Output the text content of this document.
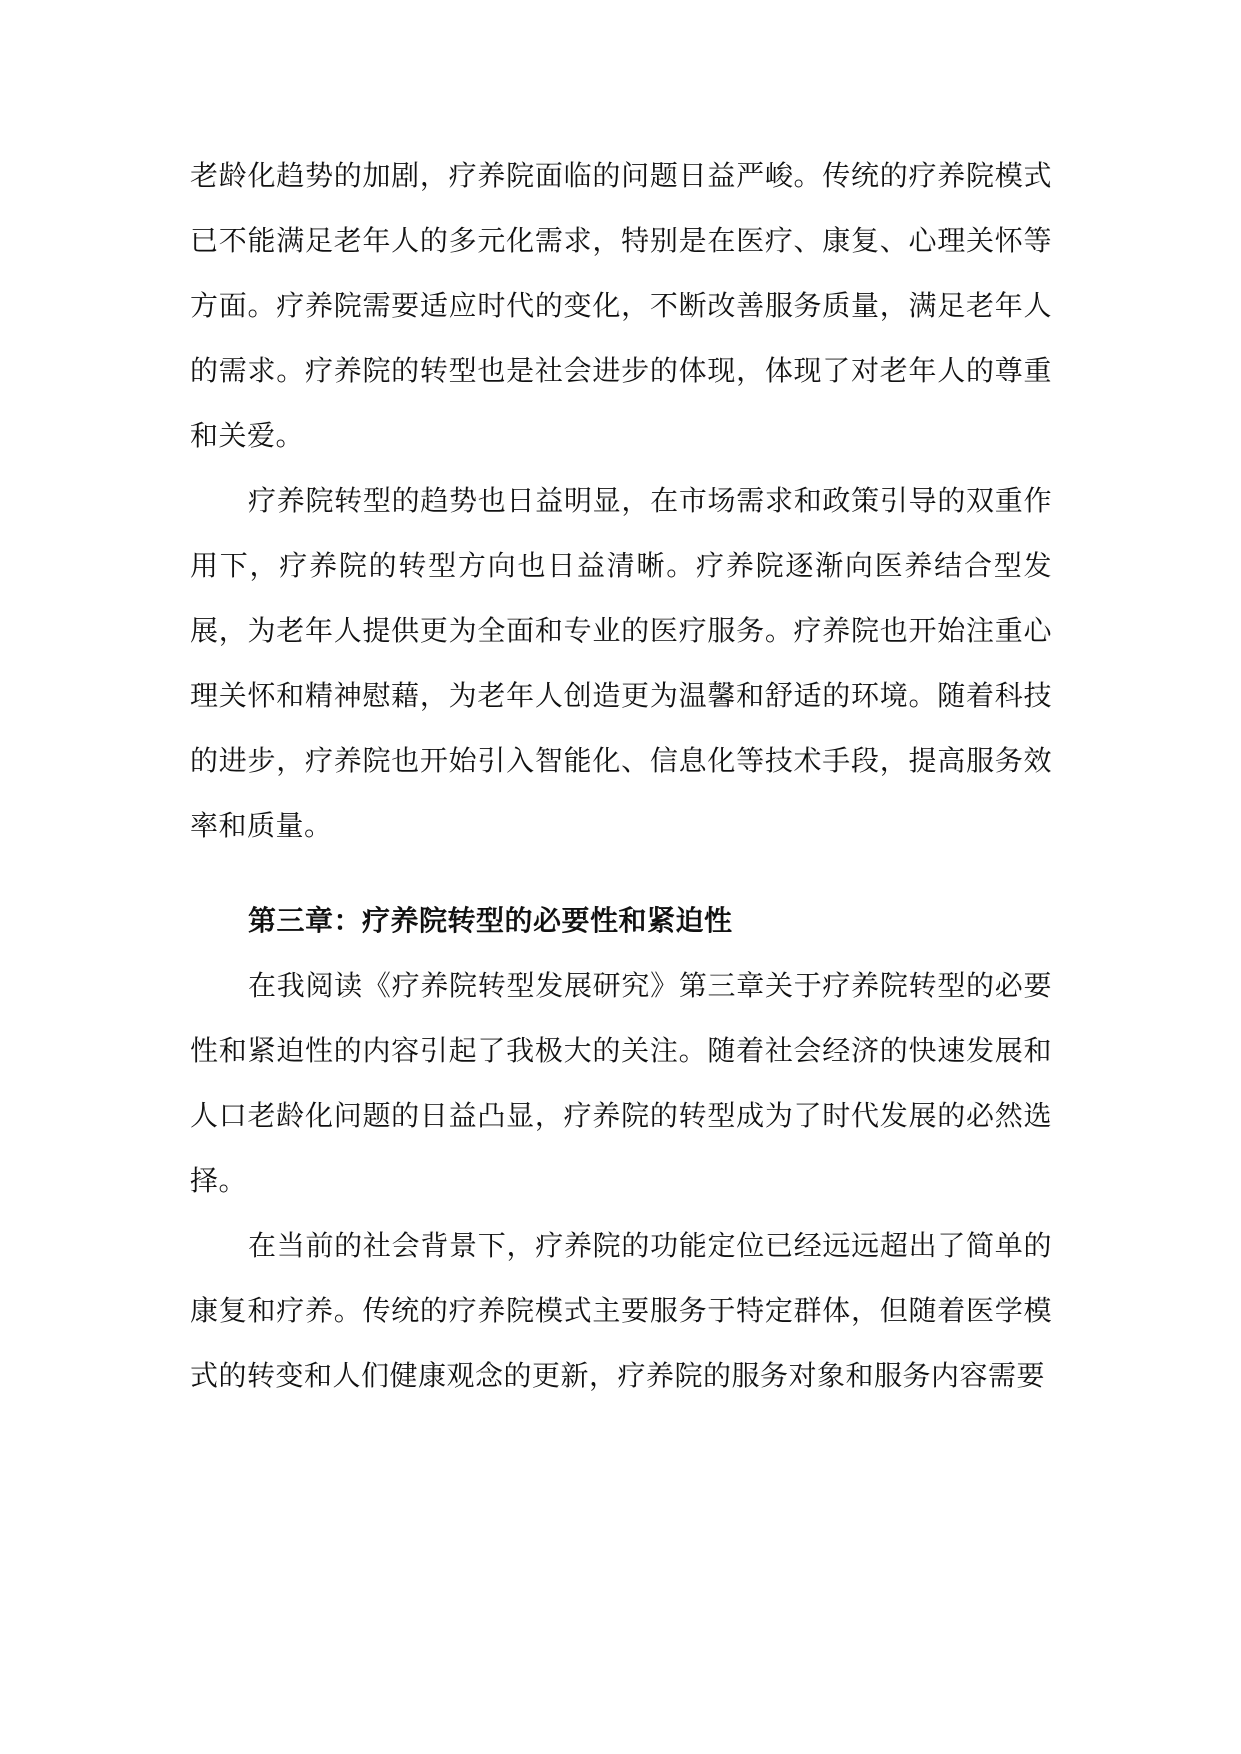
老龄化趋势的加剧，疗养院面临的问题日益严峻。传统的疗养院模式已不能满足老年人的多元化需求，特别是在医疗、康复、心理关怀等方面。疗养院需要适应时代的变化，不断改善服务质量，满足老年人的需求。疗养院的转型也是社会进步的体现，体现了对老年人的尊重和关爱。

疗养院转型的趋势也日益明显，在市场需求和政策引导的双重作用下，疗养院的转型方向也日益清晰。疗养院逐渐向医养结合型发展，为老年人提供更为全面和专业的医疗服务。疗养院也开始注重心理关怀和精神慰藉，为老年人创造更为温馨和舒适的环境。随着科技的进步，疗养院也开始引入智能化、信息化等技术手段，提高服务效率和质量。

第三章：疗养院转型的必要性和紧迫性

在我阅读《疗养院转型发展研究》第三章关于疗养院转型的必要性和紧迫性的内容引起了我极大的关注。随着社会经济的快速发展和人口老龄化问题的日益凸显，疗养院的转型成为了时代发展的必然选择。

在当前的社会背景下，疗养院的功能定位已经远远超出了简单的康复和疗养。传统的疗养院模式主要服务于特定群体，但随着医学模式的转变和人们健康观念的更新，疗养院的服务对象和服务内容需要
